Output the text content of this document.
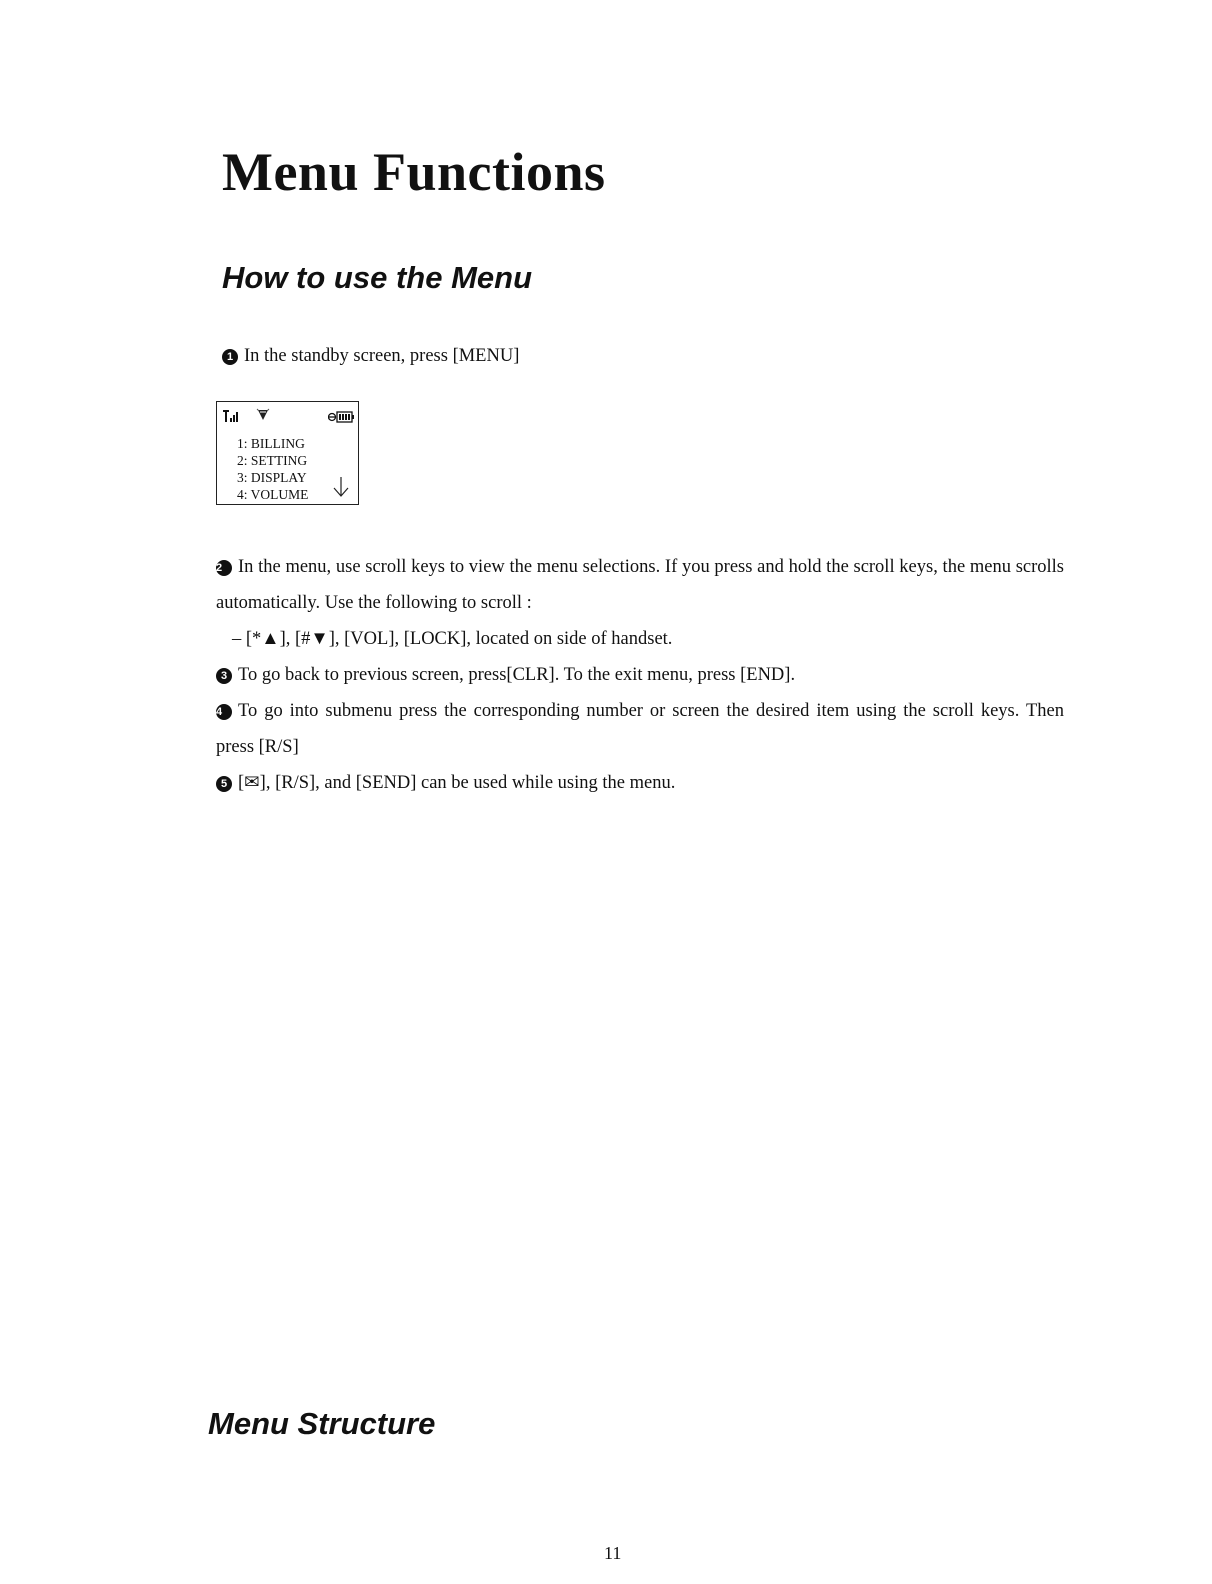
Menu Functions
How to use the Menu

1 In the standby screen, press [MENU]

1: BILLING
2: SETTING
3: DISPLAY
4: VOLUME

2 In the menu, use scroll keys to view the menu selections. If you press and hold the scroll keys, the menu scrolls automatically. Use the following to scroll :

– [*▲], [#▼], [VOL], [LOCK], located on side of handset.

3 To go back to previous screen, press[CLR]. To the exit menu, press [END].

4 To go into submenu press the corresponding number or screen the desired item using the scroll keys. Then press [R/S]

5 [✉], [R/S], and [SEND] can be used while using the menu.

Menu Structure

11
